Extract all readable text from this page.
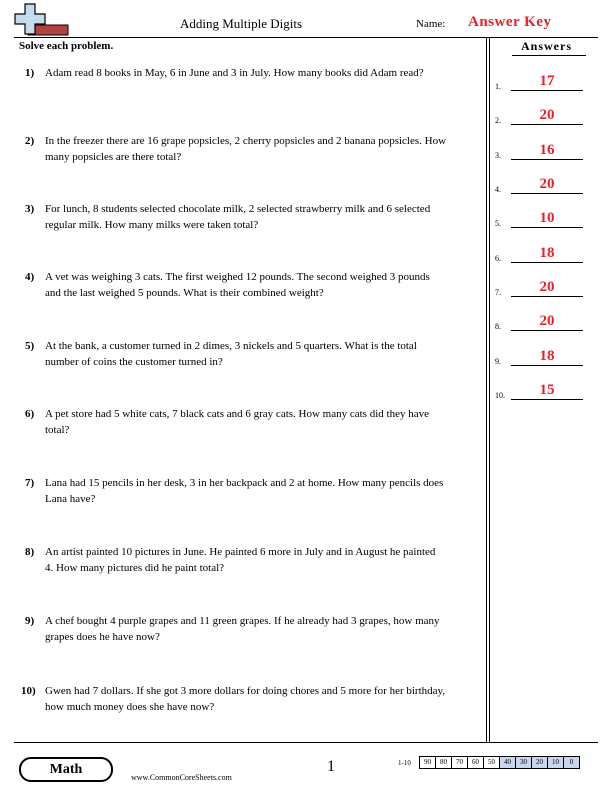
Adding Multiple Digits	Name: Answer Key
Solve each problem.	Answers
1) Adam read 8 books in May, 6 in June and 3 in July. How many books did Adam read?
2) In the freezer there are 16 grape popsicles, 2 cherry popsicles and 2 banana popsicles. How
many popsicles are there total?
3) For lunch, 8 students selected chocolate milk, 2 selected strawberry milk and 6 selected
regular milk. How many milks were taken total?
4) A vet was weighing 3 cats. The first weighed 12 pounds. The second weighed 3 pounds
and the last weighed 5 pounds. What is their combined weight?
5) At the bank, a customer turned in 2 dimes, 3 nickels and 5 quarters. What is the total
number of coins the customer turned in?
6) A pet store had 5 white cats, 7 black cats and 6 gray cats. How many cats did they have
total?
7) Lana had 15 pencils in her desk, 3 in her backpack and 2 at home. How many pencils does
Lana have?
8) An artist painted 10 pictures in June. He painted 6 more in July and in August he painted
4. How many pictures did he paint total?
9) A chef bought 4 purple grapes and 11 green grapes. If he already had 3 grapes, how many
grapes does he have now?
10) Gwen had 7 dollars. If she got 3 more dollars for doing chores and 5 more for her birthday,
how much money does she have now?
1.	17
2.	20
3.	16
4.	20
5.	10
6.	18
7.	20
8.	20
9.	18
10.	15
Math
www.CommonCoreSheets.com
1	1-10	90	80	70	60	50	40	30	20	10	0
